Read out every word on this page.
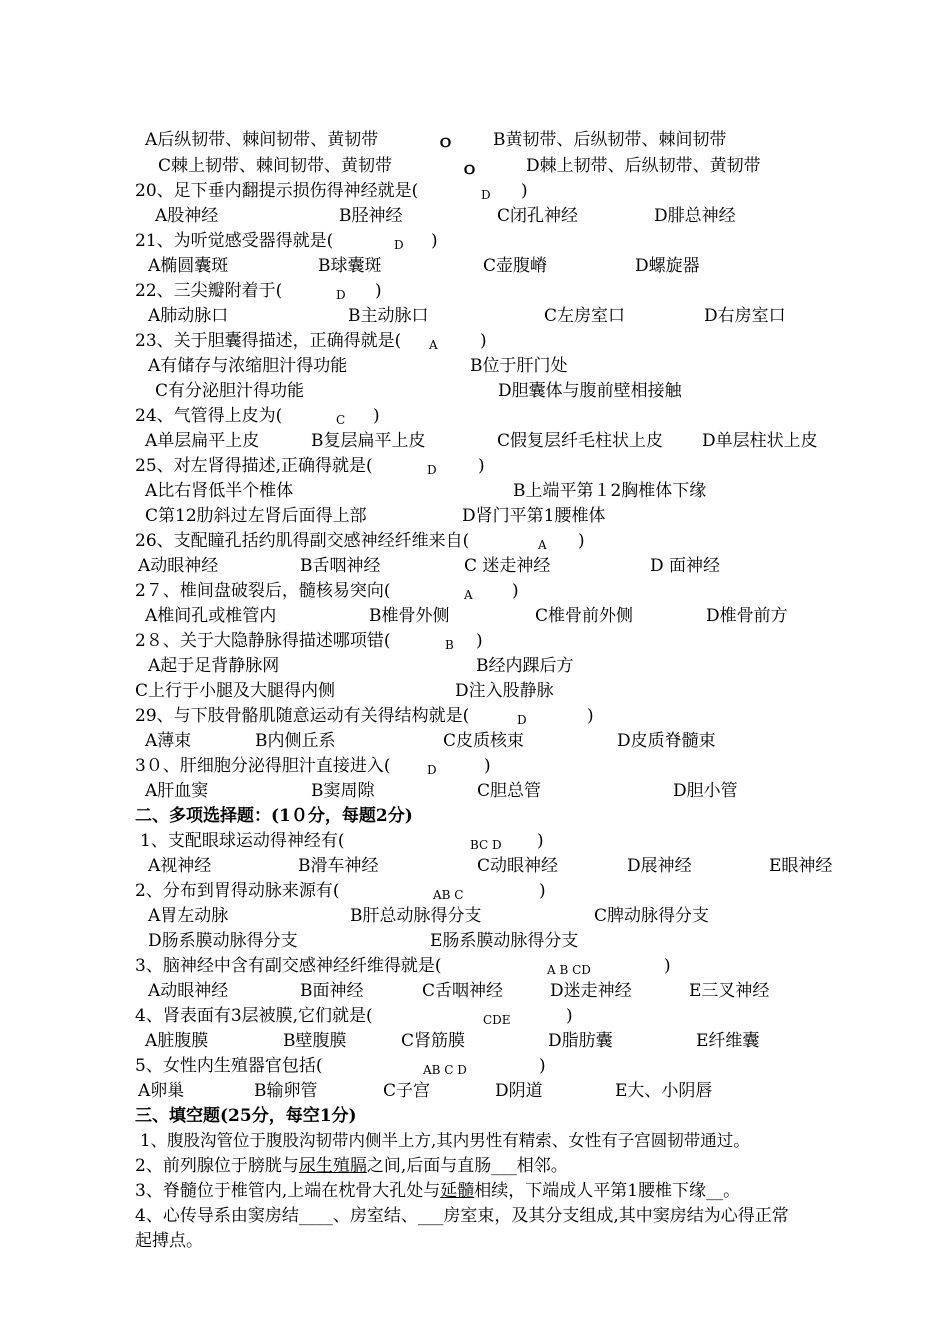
A后纵韧带、棘间韧带、黄韧带	ｏ B黄韧带、后纵韧带、棘间韧带
C棘上韧带、棘间韧带、黄韧带	ｏ	D棘上韧带、后纵韧带、黄韧带
20、足下垂内翻提示损伤得神经就是(	D )
A股神经	B胫神经	C闭孔神经	D腓总神经
21、为听觉感受器得就是(	D )
A椭圆囊斑	B球囊斑	C壶腹嵴	D螺旋器
22、三尖瓣附着于(	D )
A肺动脉口	B主动脉口	C左房室口	D右房室口
23、关于胆囊得描述，正确得就是( A )
A有储存与浓缩胆汁得功能	B位于肝门处
C有分泌胆汁得功能	D胆囊体与腹前壁相接触
24、气管得上皮为(	C )
A单层扁平上皮	B复层扁平上皮	C假复层纤毛柱状上皮 D单层柱状上皮
25、对左肾得描述,正确得就是(	D )
A比右肾低半个椎体	B上端平第１2胸椎体下缘
C第12肋斜过左肾后面得上部	D肾门平第1腰椎体
26、支配瞳孔括约肌得副交感神经纤维来自(	A )
A动眼神经	B舌咽神经	C 迷走神经	D 面神经
2７、椎间盘破裂后，髓核易突向(	A )
A椎间孔或椎管内	B椎骨外侧	C椎骨前外侧	D椎骨前方
2８、关于大隐静脉得描述哪项错(	B )
A起于足背静脉网	B经内踝后方
C上行于小腿及大腿得内侧	D注入股静脉
29、与下肢骨骼肌随意运动有关得结构就是(	D	)
A薄束	B内侧丘系	C皮质核束	D皮质脊髓束
3０、肝细胞分泌得胆汁直接进入(	D	)
A肝血窦	B窦周隙	C胆总管	D胆小管
二、多项选择题：(1０分，每题2分)
1、支配眼球运动得神经有(	BC D )
A视神经	B滑车神经	C动眼神经	D展神经	E眼神经
2、分布到胃得动脉来源有(	AB C	)
A胃左动脉	B肝总动脉得分支	C脾动脉得分支
D肠系膜动脉得分支	E肠系膜动脉得分支
3、脑神经中含有副交感神经纤维得就是(	A B CD	)
A动眼神经	B面神经	C舌咽神经	D迷走神经	E三叉神经
4、肾表面有3层被膜,它们就是(	CDE	)
A脏腹膜	B壁腹膜	C肾筋膜	D脂肪囊	E纤维囊
5、女性内生殖器官包括(	AB C D	)
A卵巢	B输卵管	C子宫	D阴道	E大、小阴唇
三、填空题(25分，每空1分)
1、腹股沟管位于腹股沟韧带内侧半上方,其内男性有精索、女性有子宫圆韧带通过。
2、前列腺位于膀胱与尿生殖膈之间,后面与直肠___相邻。
3、脊髓位于椎管内,上端在枕骨大孔处与延髓相续，下端成人平第1腰椎下缘__。
4、心传导系由窦房结____、房室结、___房室束，及其分支组成,其中窦房结为心得正常
起搏点。
